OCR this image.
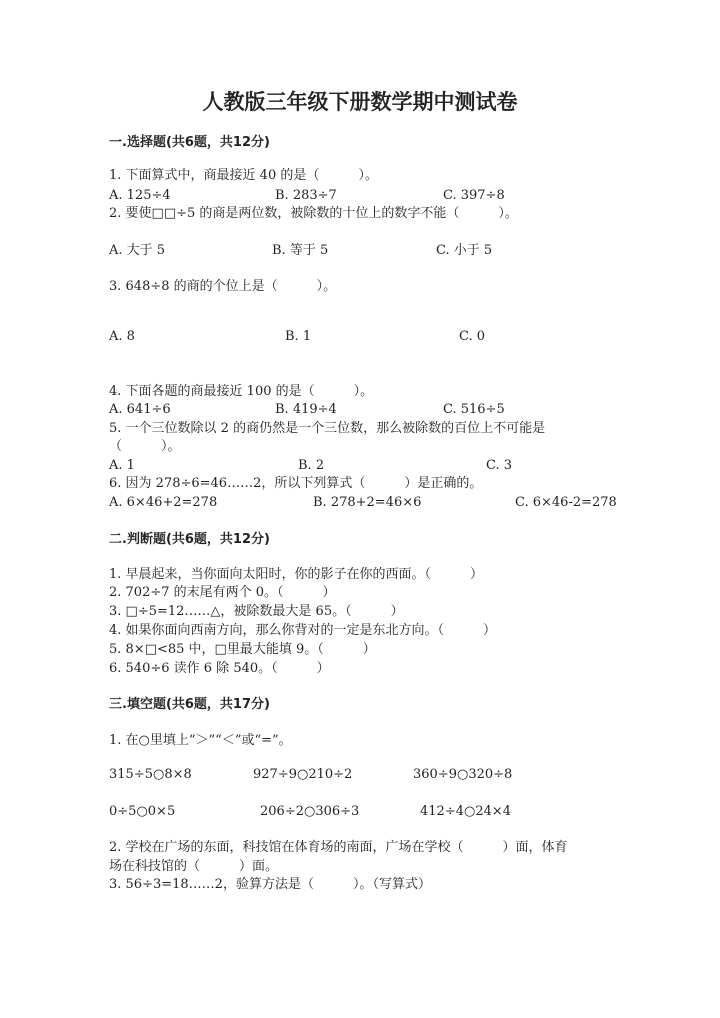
人教版三年级下册数学期中测试卷
一.选择题(共6题，共12分)
1. 下面算式中，商最接近 40 的是（　　　）。
A. 125÷4	B. 283÷7	C. 397÷8
2. 要使□□÷5 的商是两位数，被除数的十位上的数字不能（　　　）。
A. 大于 5	B. 等于 5	C. 小于 5
3. 648÷8 的商的个位上是（　　　）。
A. 8	B. 1	C. 0
4. 下面各题的商最接近 100 的是（　　　）。
A. 641÷6	B. 419÷4	C. 516÷5
5. 一个三位数除以 2 的商仍然是一个三位数，那么被除数的百位上不可能是
（　　　）。
A. 1	B. 2	C. 3
6. 因为 278÷6=46……2，所以下列算式（　　　）是正确的。
A. 6×46+2=278	B. 278+2=46×6	C. 6×46-2=278
二.判断题(共6题，共12分)
1. 早晨起来，当你面向太阳时，你的影子在你的西面。（　　　）
2. 702÷7 的末尾有两个 0。（　　　）
3. □÷5=12……△，被除数最大是 65。（　　　）
4. 如果你面向西南方向，那么你背对的一定是东北方向。（　　　）
5. 8×□<85 中，□里最大能填 9。（　　　）
6. 540÷6 读作 6 除 540。（　　　）
三.填空题(共6题，共17分)
1. 在○里填上“＞”“＜”或“=”。
315÷5○8×8	927÷9○210÷2	360÷9○320÷8
0÷5○0×5	206÷2○306÷3	412÷4○24×4
2. 学校在广场的东面，科技馆在体育场的南面，广场在学校（　　　）面，体育
场在科技馆的（　　　）面。
3. 56÷3=18……2，验算方法是（　　　）。（写算式）
